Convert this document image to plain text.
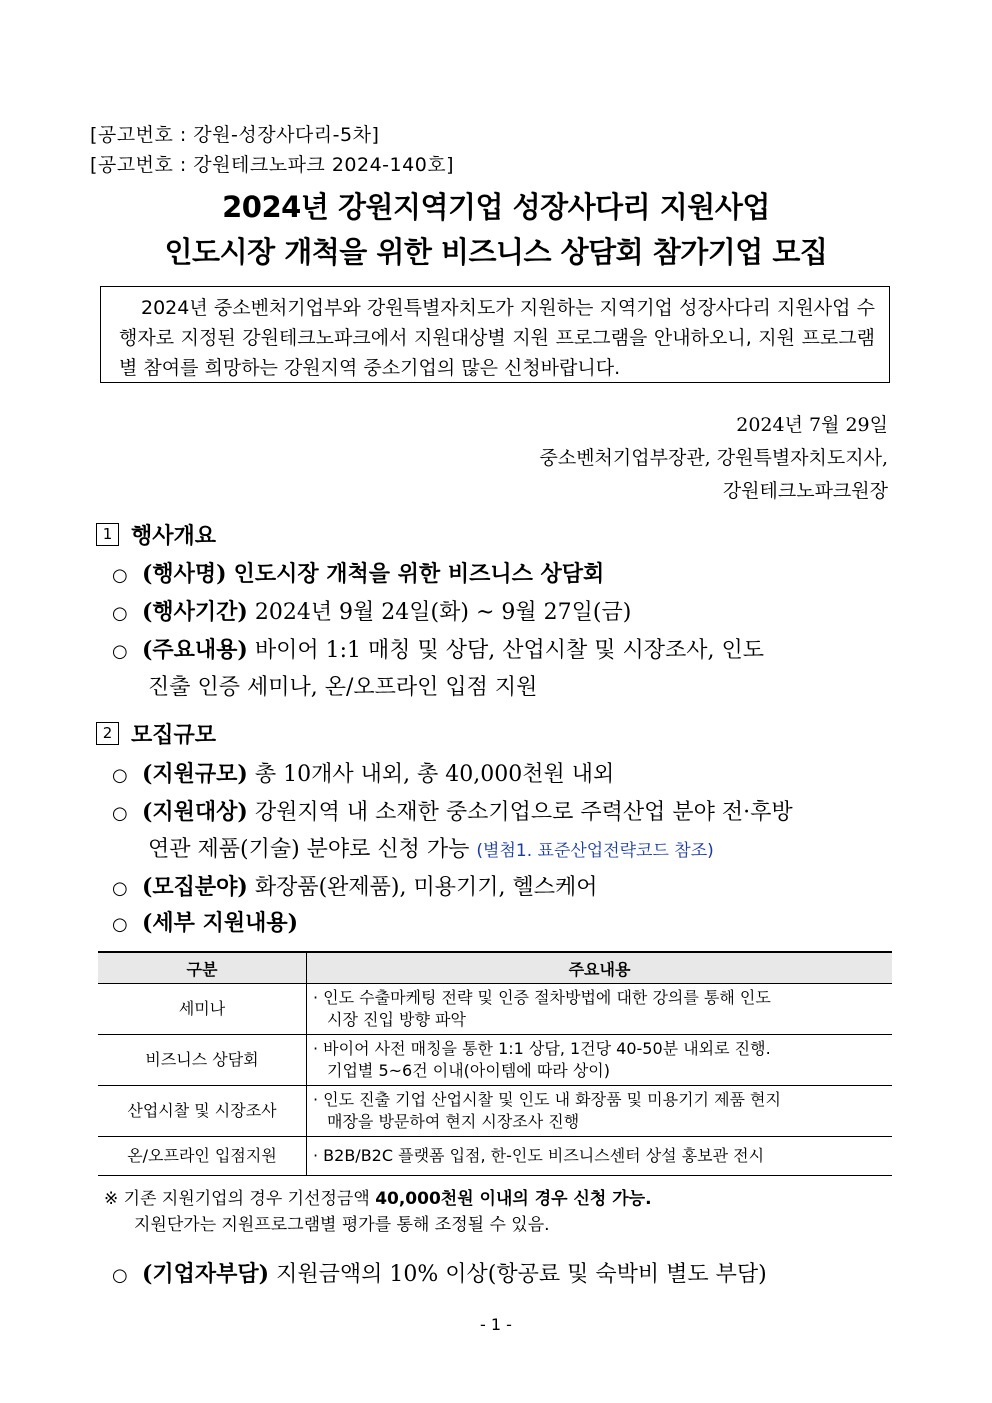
[공고번호 : 강원-성장사다리-5차]
[공고번호 : 강원테크노파크 2024-140호]
2024년 강원지역기업 성장사다리 지원사업
인도시장 개척을 위한 비즈니스 상담회 참가기업 모집
2024년 중소벤처기업부와 강원특별자치도가 지원하는 지역기업 성장사다리 지원사업 수행자로 지정된 강원테크노파크에서 지원대상별 지원 프로그램을 안내하오니, 지원 프로그램별 참여를 희망하는 강원지역 중소기업의 많은 신청바랍니다.
2024년 7월 29일
중소벤처기업부장관, 강원특별자치도지사,
강원테크노파크원장
1 행사개요
○ (행사명) 인도시장 개척을 위한 비즈니스 상담회
○ (행사기간) 2024년 9월 24일(화) ~ 9월 27일(금)
○ (주요내용) 바이어 1:1 매칭 및 상담, 산업시찰 및 시장조사, 인도
진출 인증 세미나, 온/오프라인 입점 지원
2 모집규모
○ (지원규모) 총 10개사 내외, 총 40,000천원 내외
○ (지원대상) 강원지역 내 소재한 중소기업으로 주력산업 분야 전·후방
연관 제품(기술) 분야로 신청 가능 (별첨1. 표준산업전략코드 참조)
○ (모집분야) 화장품(완제품), 미용기기, 헬스케어
○ (세부 지원내용)
구분	주요내용
세미나	· 인도 수출마케팅 전략 및 인증 절차방법에 대한 강의를 통해 인도
시장 진입 방향 파악

비즈니스 상담회	· 바이어 사전 매칭을 통한 1:1 상담, 1건당 40-50분 내외로 진행.
기업별 5~6건 이내(아이템에 따라 상이)

산업시찰 및 시장조사	· 인도 진출 기업 산업시찰 및 인도 내 화장품 및 미용기기 제품 현지
매장을 방문하여 현지 시장조사 진행

온/오프라인 입점지원	· B2B/B2C 플랫폼 입점, 한-인도 비즈니스센터 상설 홍보관 전시
※ 기존 지원기업의 경우 기선정금액 40,000천원 이내의 경우 신청 가능.
지원단가는 지원프로그램별 평가를 통해 조정될 수 있음.
○ (기업자부담) 지원금액의 10% 이상(항공료 및 숙박비 별도 부담)
- 1 -
